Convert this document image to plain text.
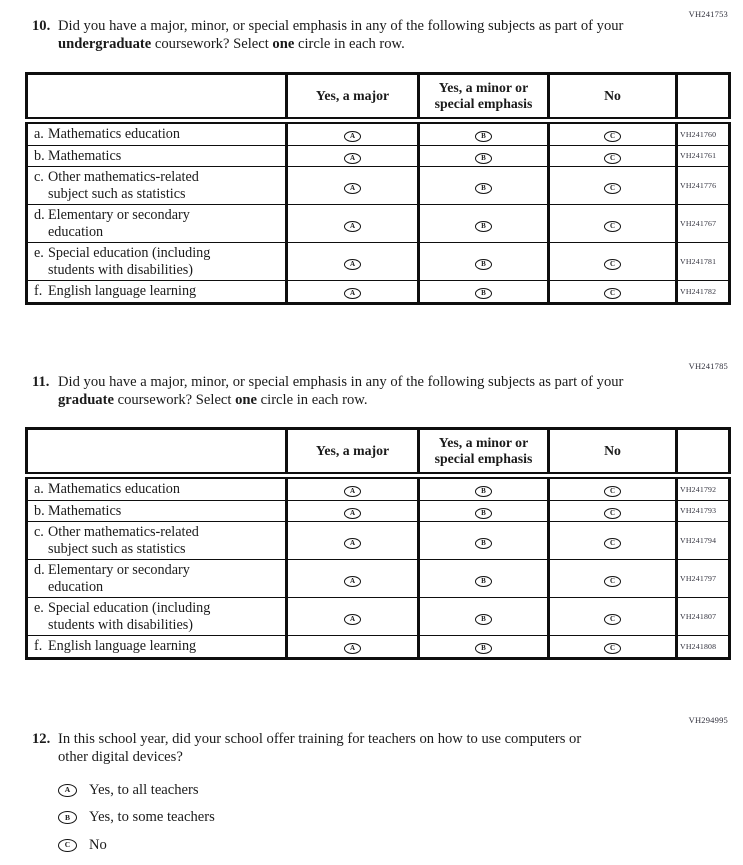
VH241753
10. Did you have a major, minor, or special emphasis in any of the following subjects as part of your undergraduate coursework? Select one circle in each row.
	Yes, a major	Yes, a minor or special emphasis	No	

a. Mathematics education	A	B	C	VH241760

b. Mathematics	A	B	C	VH241761

c. Other mathematics-related subject such as statistics	A	B	C	VH241776

d. Elementary or secondary education	A	B	C	VH241767

e. Special education (including students with disabilities)	A	B	C	VH241781

f. English language learning	A	B	C	VH241782
VH241785
11. Did you have a major, minor, or special emphasis in any of the following subjects as part of your graduate coursework? Select one circle in each row.
	Yes, a major	Yes, a minor or special emphasis	No	

a. Mathematics education	A	B	C	VH241792

b. Mathematics	A	B	C	VH241793

c. Other mathematics-related subject such as statistics	A	B	C	VH241794

d. Elementary or secondary education	A	B	C	VH241797

e. Special education (including students with disabilities)	A	B	C	VH241807

f. English language learning	A	B	C	VH241808
VH294995
12. In this school year, did your school offer training for teachers on how to use computers or other digital devices?
A	Yes, to all teachers
B	Yes, to some teachers
C	No
